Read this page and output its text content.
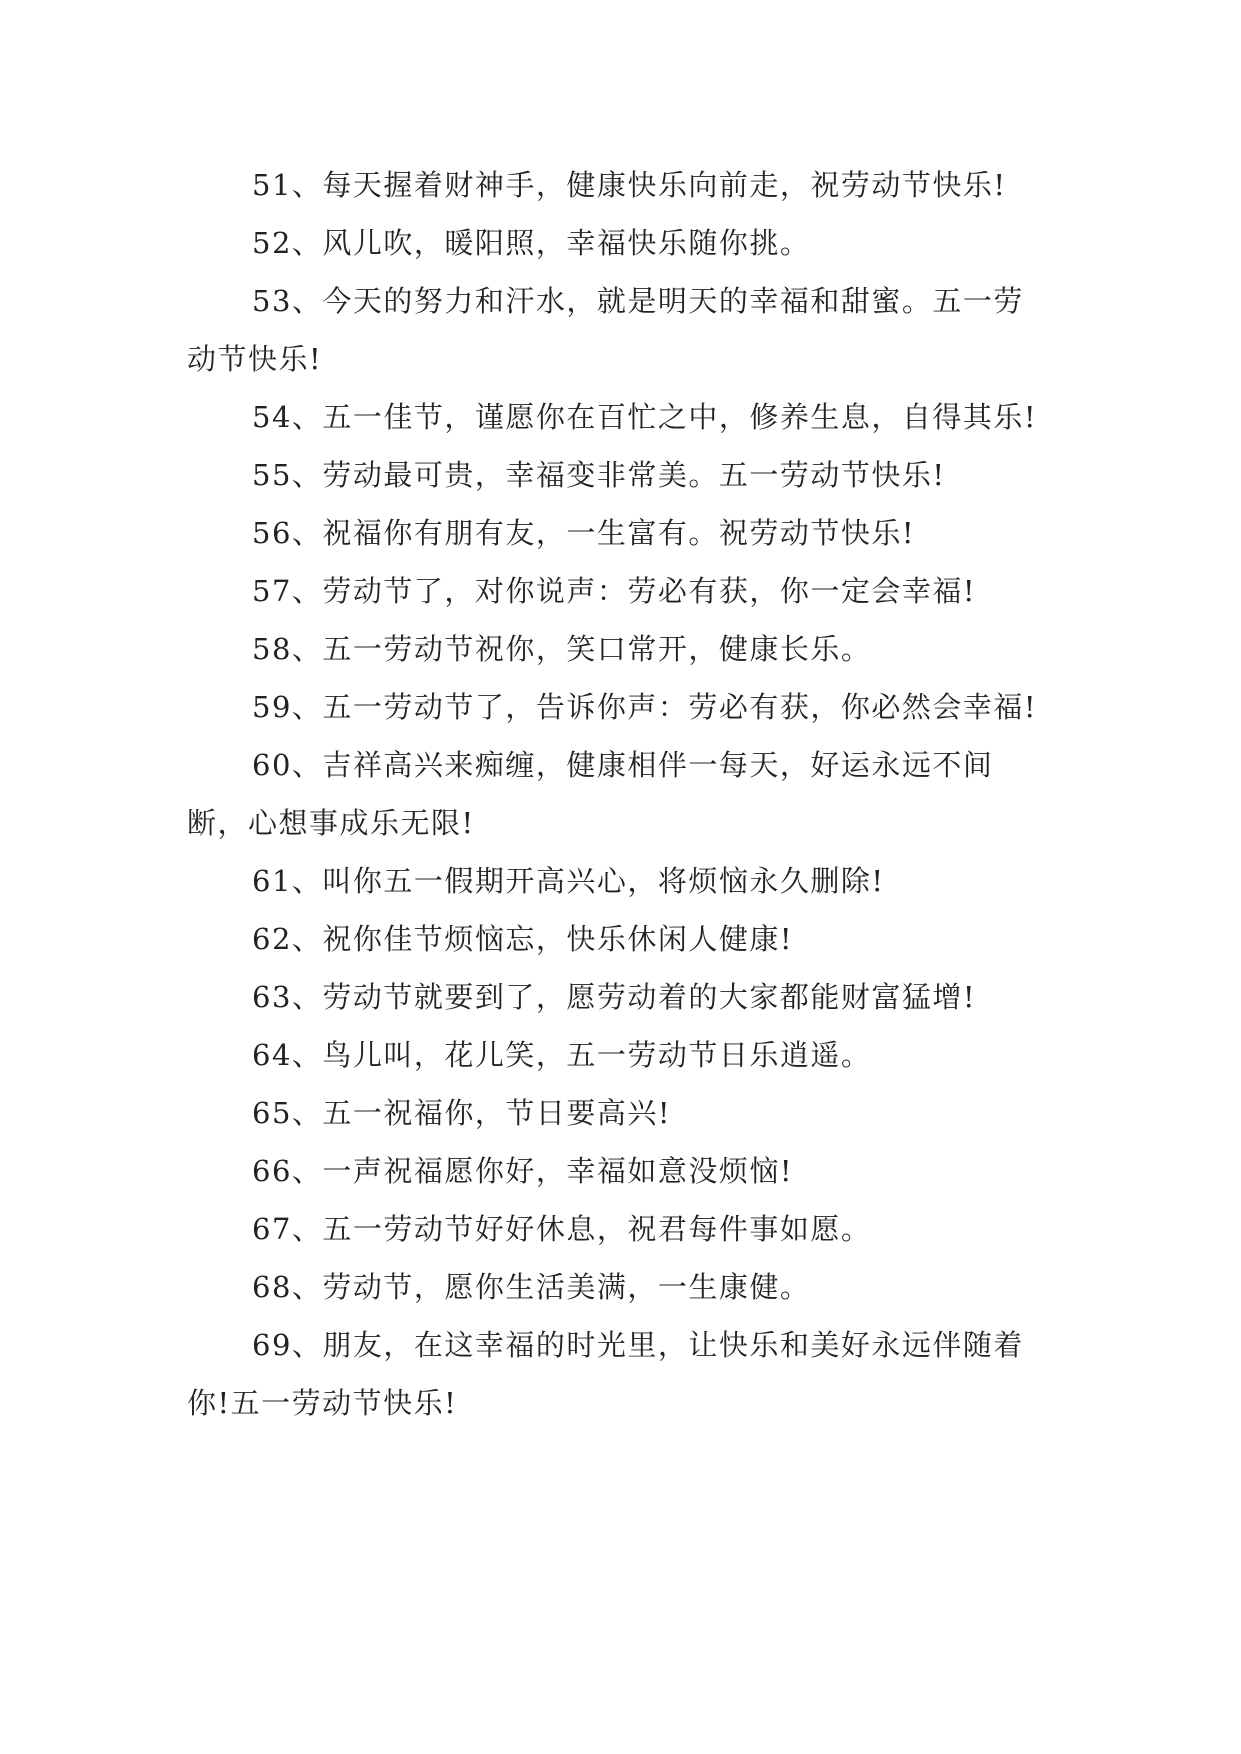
51、每天握着财神手，健康快乐向前走，祝劳动节快乐!

52、风儿吹，暖阳照，幸福快乐随你挑。

53、今天的努力和汗水，就是明天的幸福和甜蜜。五一劳动节快乐!

54、五一佳节，谨愿你在百忙之中，修养生息，自得其乐!

55、劳动最可贵，幸福变非常美。五一劳动节快乐!

56、祝福你有朋有友，一生富有。祝劳动节快乐!

57、劳动节了，对你说声：劳必有获，你一定会幸福!

58、五一劳动节祝你，笑口常开，健康长乐。

59、五一劳动节了，告诉你声：劳必有获，你必然会幸福!

60、吉祥高兴来痴缠，健康相伴一每天，好运永远不间断，心想事成乐无限!

61、叫你五一假期开高兴心，将烦恼永久删除!

62、祝你佳节烦恼忘，快乐休闲人健康!

63、劳动节就要到了，愿劳动着的大家都能财富猛增!

64、鸟儿叫，花儿笑，五一劳动节日乐逍遥。

65、五一祝福你，节日要高兴!

66、一声祝福愿你好，幸福如意没烦恼!

67、五一劳动节好好休息，祝君每件事如愿。

68、劳动节，愿你生活美满，一生康健。

69、朋友，在这幸福的时光里，让快乐和美好永远伴随着你!五一劳动节快乐!
